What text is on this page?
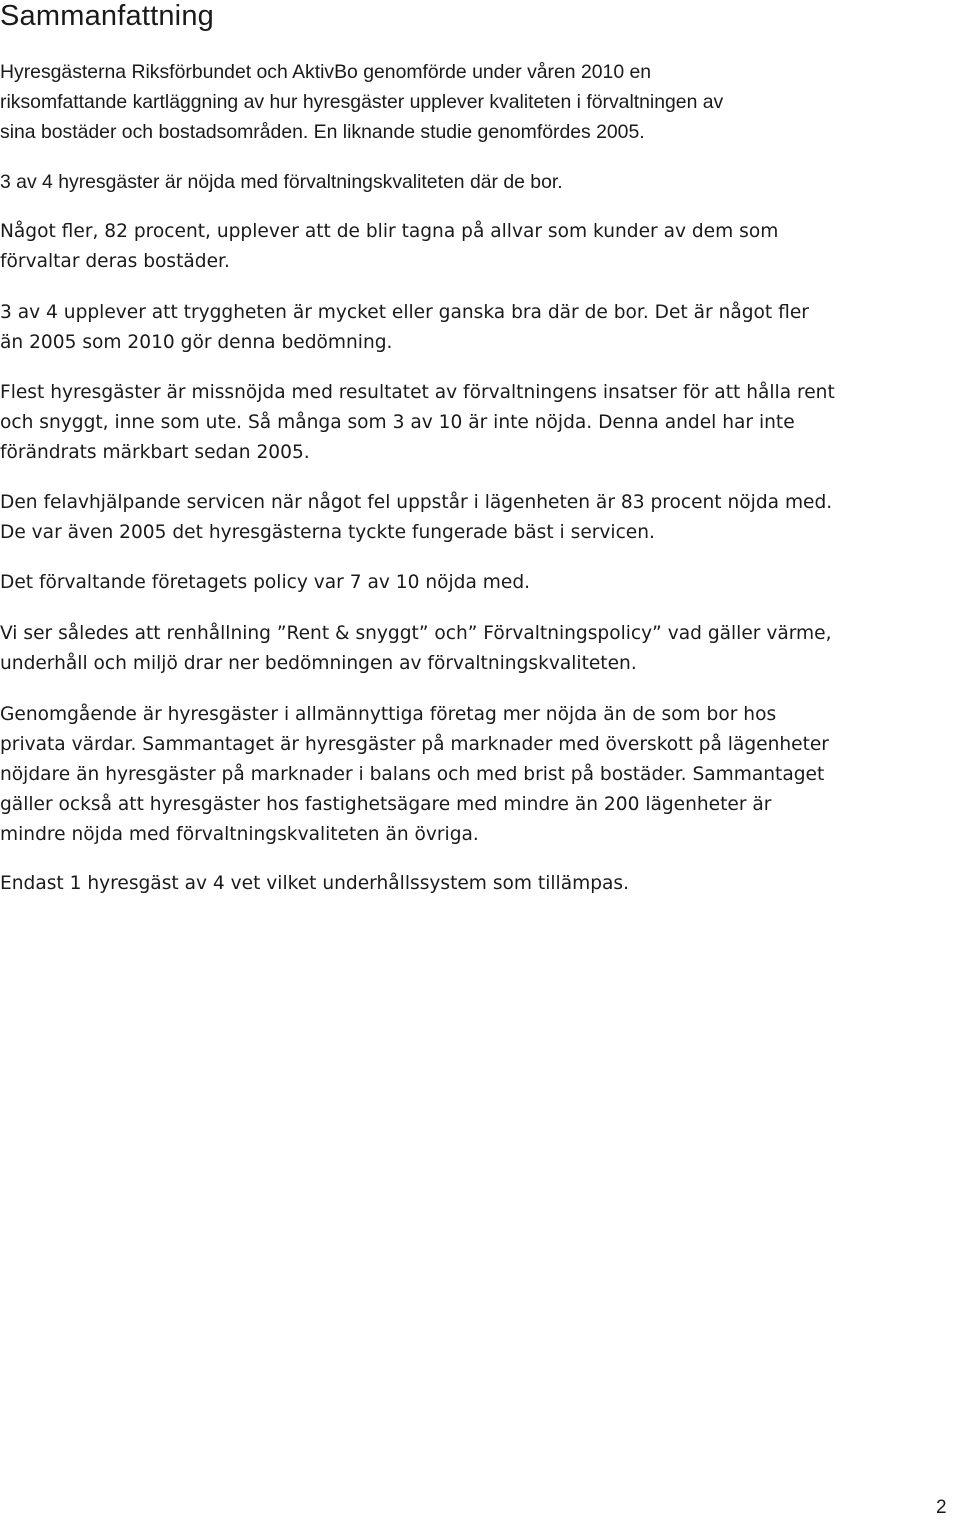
Sammanfattning

Hyresgästerna Riksförbundet och AktivBo genomförde under våren 2010 en
riksomfattande kartläggning av hur hyresgäster upplever kvaliteten i förvaltningen av
sina bostäder och bostadsområden. En liknande studie genomfördes 2005.

3 av 4 hyresgäster är nöjda med förvaltningskvaliteten där de bor.

Något fler, 82 procent, upplever att de blir tagna på allvar som kunder av dem som
förvaltar deras bostäder.

3 av 4 upplever att tryggheten är mycket eller ganska bra där de bor. Det är något fler
än 2005 som 2010 gör denna bedömning.

Flest hyresgäster är missnöjda med resultatet av förvaltningens insatser för att hålla rent
och snyggt, inne som ute. Så många som 3 av 10 är inte nöjda. Denna andel har inte
förändrats märkbart sedan 2005.

Den felavhjälpande servicen när något fel uppstår i lägenheten är 83 procent nöjda med.
De var även 2005 det hyresgästerna tyckte fungerade bäst i servicen.

Det förvaltande företagets policy var 7 av 10 nöjda med.

Vi ser således att renhållning ”Rent & snyggt” och” Förvaltningspolicy” vad gäller värme,
underhåll och miljö drar ner bedömningen av förvaltningskvaliteten.

Genomgående är hyresgäster i allmännyttiga företag mer nöjda än de som bor hos
privata värdar. Sammantaget är hyresgäster på marknader med överskott på lägenheter
nöjdare än hyresgäster på marknader i balans och med brist på bostäder. Sammantaget
gäller också att hyresgäster hos fastighetsägare med mindre än 200 lägenheter är
mindre nöjda med förvaltningskvaliteten än övriga.

Endast 1 hyresgäst av 4 vet vilket underhållssystem som tillämpas.

2
